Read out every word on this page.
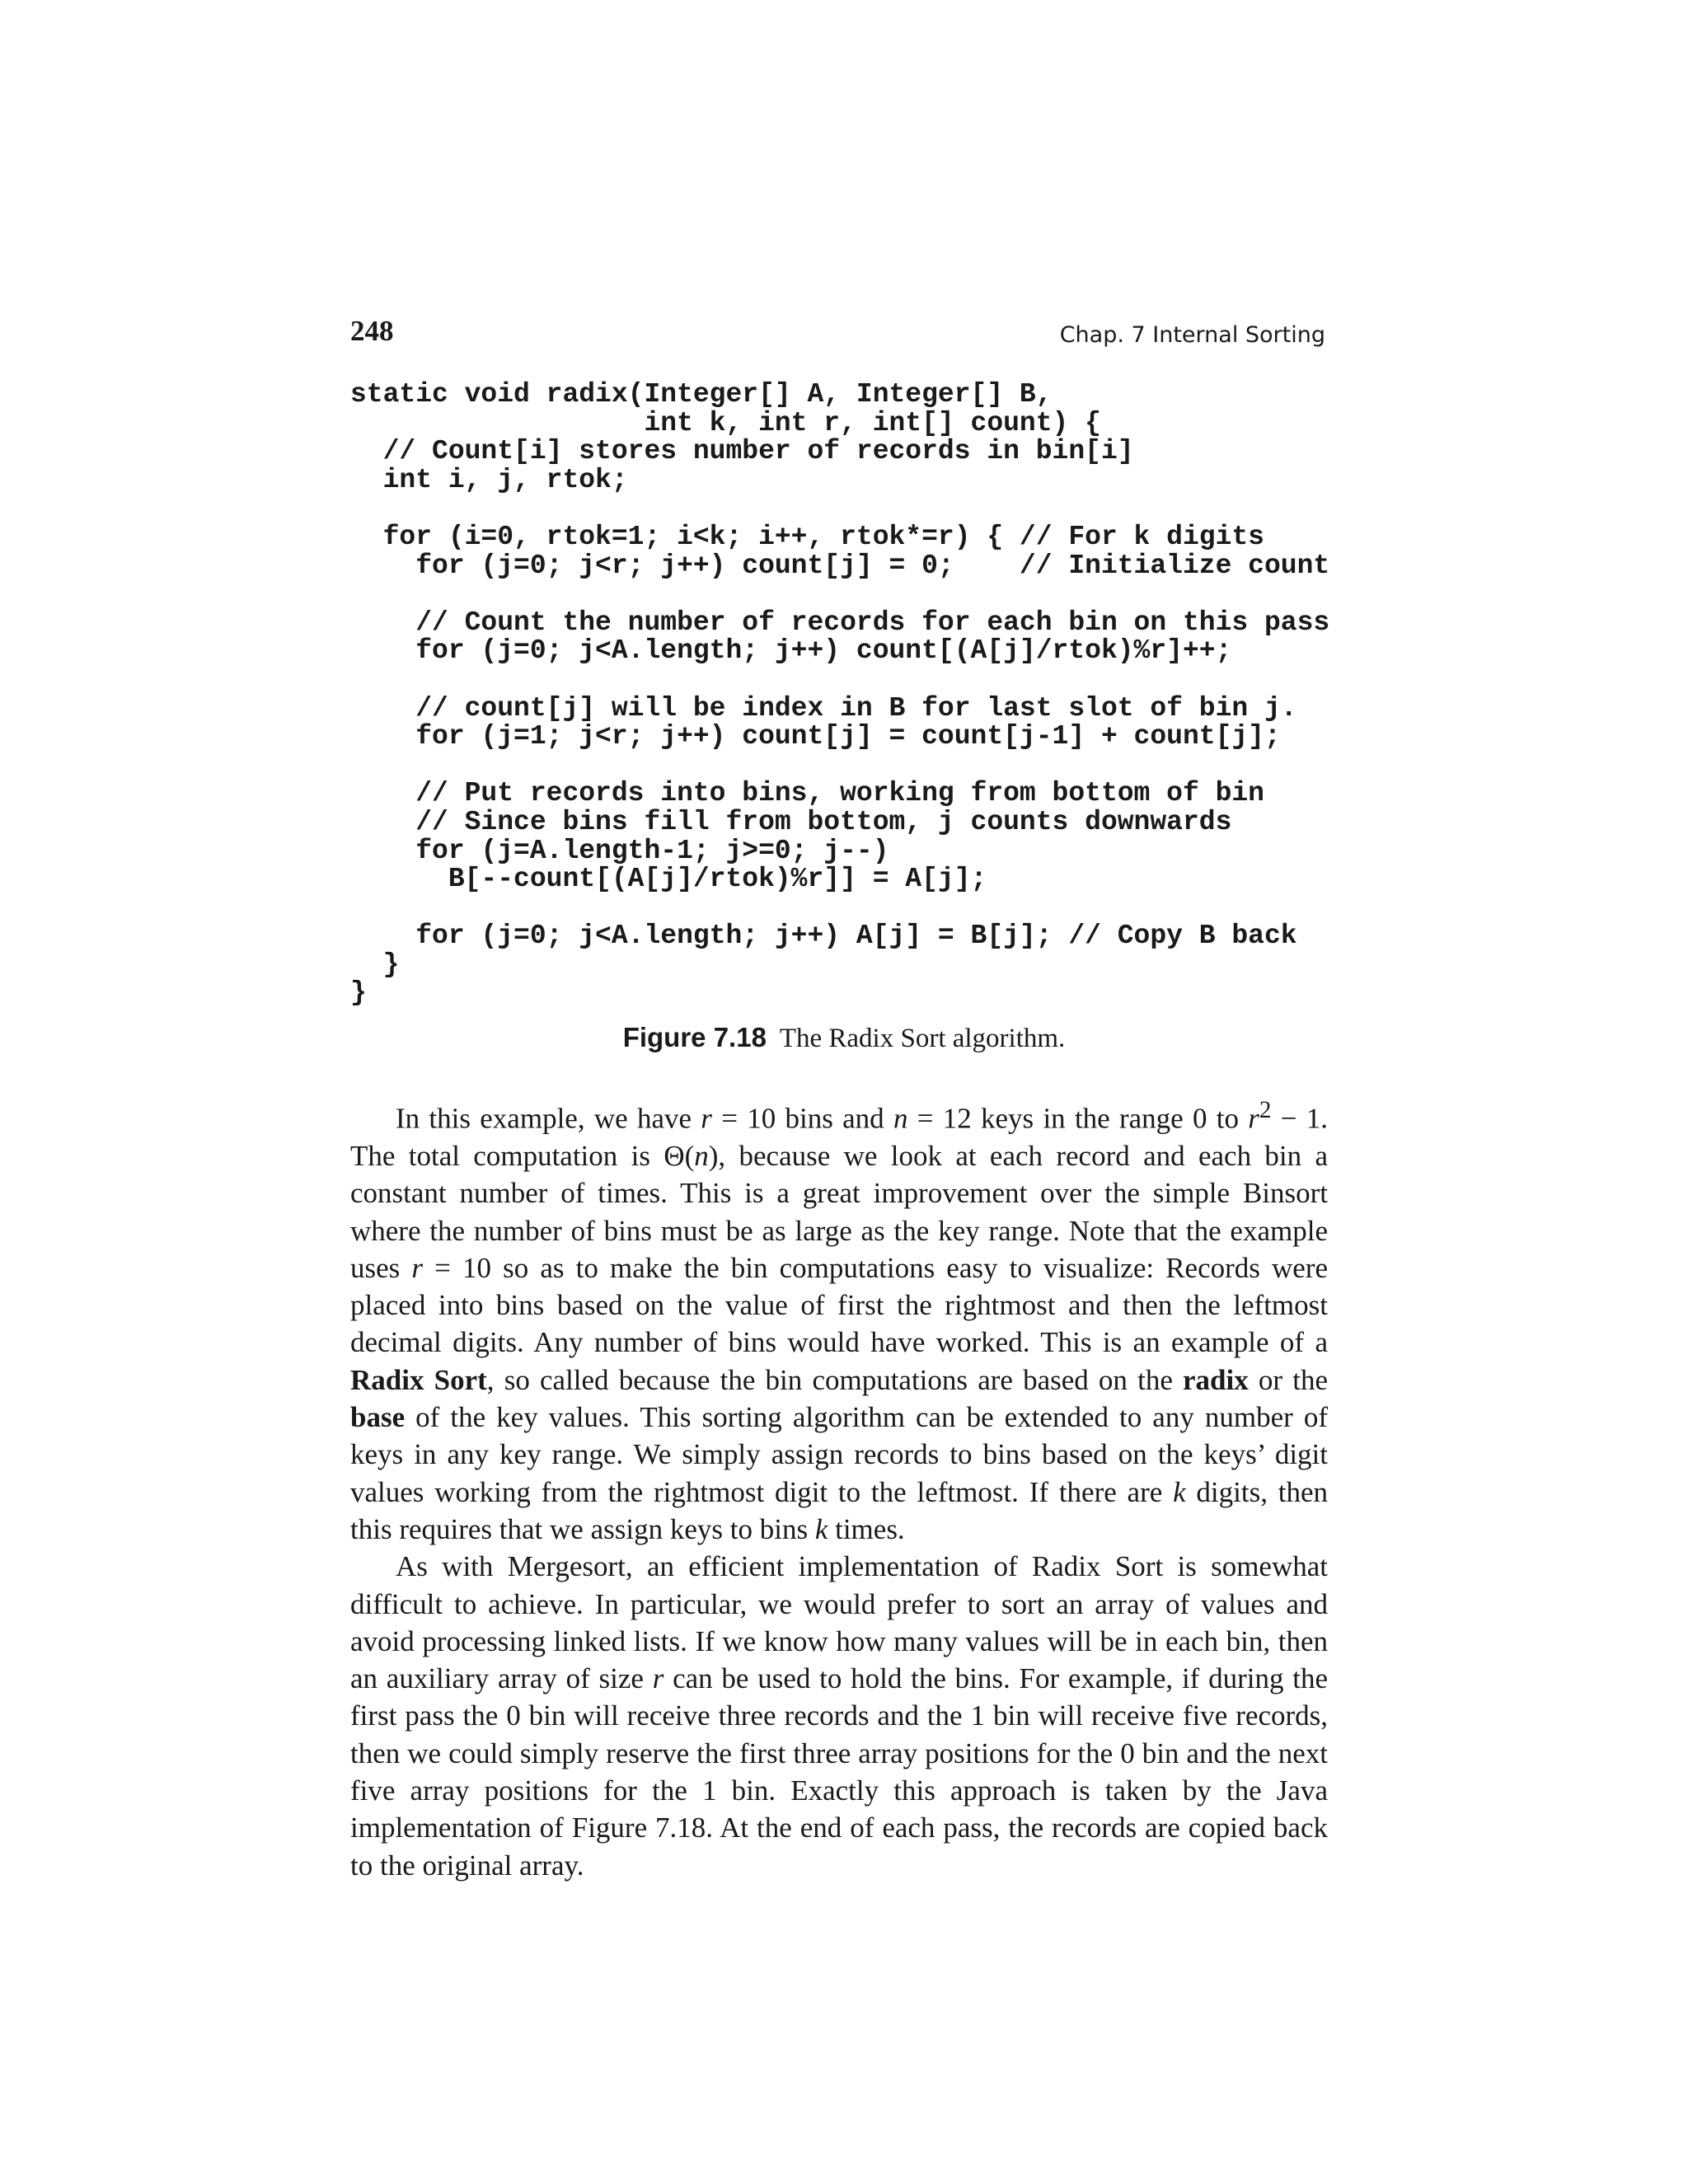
248	Chap. 7 Internal Sorting
static void radix(Integer[] A, Integer[] B,
int k, int r, int[] count) {
// Count[i] stores number of records in bin[i]
int i, j, rtok;
for (i=0, rtok=1; i<k; i++, rtok*=r) { // For k digits
for (j=0; j<r; j++) count[j] = 0;    // Initialize count
// Count the number of records for each bin on this pass
for (j=0; j<A.length; j++) count[(A[j]/rtok)%r]++;
// count[j] will be index in B for last slot of bin j.
for (j=1; j<r; j++) count[j] = count[j-1] + count[j];
// Put records into bins, working from bottom of bin
// Since bins fill from bottom, j counts downwards
for (j=A.length-1; j>=0; j--)
B[--count[(A[j]/rtok)%r]] = A[j];
for (j=0; j<A.length; j++) A[j] = B[j]; // Copy B back
}
}
Figure 7.18 The Radix Sort algorithm.

In this example, we have r = 10 bins and n = 12 keys in the range 0 to $r^2 - 1$. The total computation is Θ(n), because we look at each record and each bin a constant number of times. This is a great improvement over the simple Binsort where the number of bins must be as large as the key range. Note that the example uses r = 10 so as to make the bin computations easy to visualize: Records were placed into bins based on the value of first the rightmost and then the leftmost decimal digits. Any number of bins would have worked. This is an example of a Radix Sort, so called because the bin computations are based on the radix or the base of the key values. This sorting algorithm can be extended to any number of keys in any key range. We simply assign records to bins based on the keys’ digit values working from the rightmost digit to the leftmost. If there are k digits, then this requires that we assign keys to bins k times.

As with Mergesort, an efficient implementation of Radix Sort is somewhat difficult to achieve. In particular, we would prefer to sort an array of values and avoid processing linked lists. If we know how many values will be in each bin, then an auxiliary array of size r can be used to hold the bins. For example, if during the first pass the 0 bin will receive three records and the 1 bin will receive five records, then we could simply reserve the first three array positions for the 0 bin and the next five array positions for the 1 bin. Exactly this approach is taken by the Java implementation of Figure 7.18. At the end of each pass, the records are copied back to the original array.
